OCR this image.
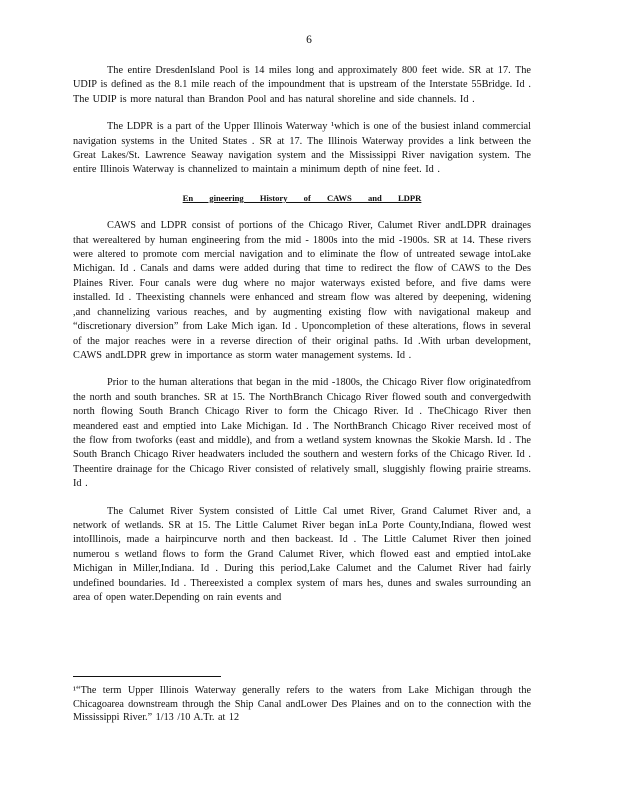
6

The entire DresdenIsland Pool is 14 miles long and approximately 800 feet wide. SR at 17. The UDIP is defined as the 8.1 mile reach of the impoundment that is upstream of the Interstate 55Bridge. Id . The UDIP is more natural than Brandon Pool and has natural shoreline and side channels. Id .

The LDPR is a part of the Upper Illinois Waterway ¹which is one of the busiest inland commercial navigation systems in the United States . SR at 17. The Illinois Waterway provides a link between the Great Lakes/St. Lawrence Seaway navigation system and the Mississippi River navigation system. The entire Illinois Waterway is channelized to maintain a minimum depth of nine feet. Id .

En gineering History of CAWS and LDPR

CAWS and LDPR consist of portions of the Chicago River, Calumet River andLDPR drainages that werealtered by human engineering from the mid - 1800s into the mid -1900s. SR at 14. These rivers were altered to promote com mercial navigation and to eliminate the flow of untreated sewage intoLake Michigan. Id . Canals and dams were added during that time to redirect the flow of CAWS to the Des Plaines River. Four canals were dug where no major waterways existed before, and five dams were installed. Id . Theexisting channels were enhanced and stream flow was altered by deepening, widening ,and channelizing various reaches, and by augmenting existing flow with navigational makeup and “discretionary diversion” from Lake Mich igan. Id . Uponcompletion of these alterations, flows in several of the major reaches were in a reverse direction of their original paths. Id .With urban development, CAWS andLDPR grew in importance as storm water management systems. Id .

Prior to the human alterations that began in the mid -1800s, the Chicago River flow originatedfrom the north and south branches. SR at 15. The NorthBranch Chicago River flowed south and convergedwith north flowing South Branch Chicago River to form the Chicago River. Id . TheChicago River then meandered east and emptied into Lake Michigan. Id . The NorthBranch Chicago River received most of the flow from twoforks (east and middle), and from a wetland system knownas the Skokie Marsh. Id . The South Branch Chicago River headwaters included the southern and western forks of the Chicago River. Id . Theentire drainage for the Chicago River consisted of relatively small, sluggishly flowing prairie streams. Id .

The Calumet River System consisted of Little Cal umet River, Grand Calumet River and, a network of wetlands. SR at 15. The Little Calumet River began inLa Porte County,Indiana, flowed west intoIllinois, made a hairpincurve north and then backeast. Id . The Little Calumet River then joined numerou s wetland flows to form the Grand Calumet River, which flowed east and emptied intoLake Michigan in Miller,Indiana. Id . During this period,Lake Calumet and the Calumet River had fairly undefined boundaries. Id . Thereexisted a complex system of mars hes, dunes and swales surrounding an area of open water.Depending on rain events and

¹“The term Upper Illinois Waterway generally refers to the waters from Lake Michigan through the Chicagoarea downstream through the Ship Canal andLower Des Plaines and on to the connection with the Mississippi River.” 1/13 /10 A.Tr. at 12
